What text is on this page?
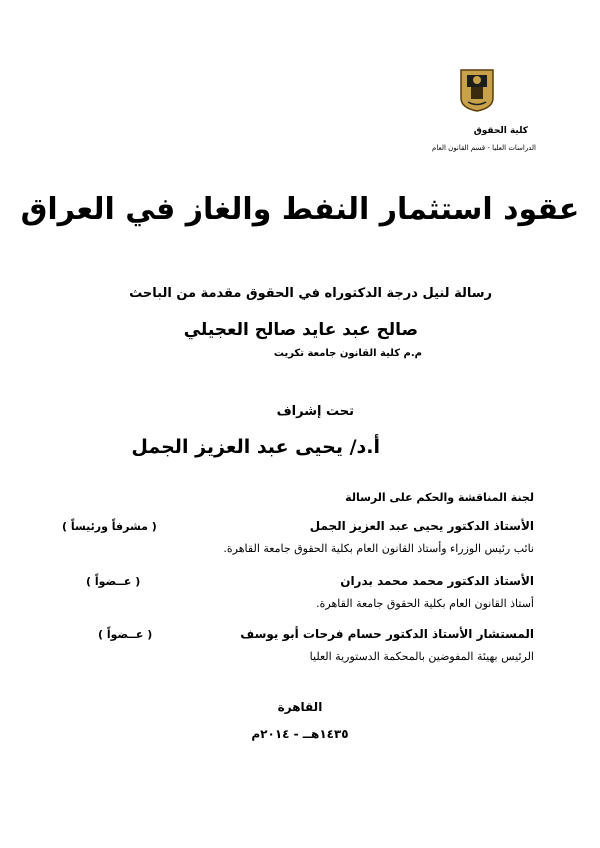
كلية الحقوق
الدراسات العليا - قسم القانون العام
عقود استثمار النفط والغاز في العراق
رسالة لنيل درجة الدكتوراه في الحقوق مقدمة من الباحث
صالح عبد عايد صالح العجيلي
م.م كلية القانون جامعة تكريت
تحت إشراف
أ.د/ يحيى عبد العزيز الجمل
لجنة المناقشة والحكم على الرسالة
الأستاذ الدكتور يحيى عبد العزيز الجمل
( مشرفاً ورئيساً )
نائب رئيس الوزراء وأستاذ القانون العام بكلية الحقوق جامعة القاهرة.
الأستاذ الدكتور محمد محمد بدران
( عــضواً )
أستاذ القانون العام بكلية الحقوق جامعة القاهرة.
المستشار الأستاذ الدكتور حسام فرحات أبو يوسف
( عــضواً )
الرئيس بهيئة المفوضين بالمحكمة الدستورية العليا
القاهرة
١٤٣٥هــ - ٢٠١٤م
